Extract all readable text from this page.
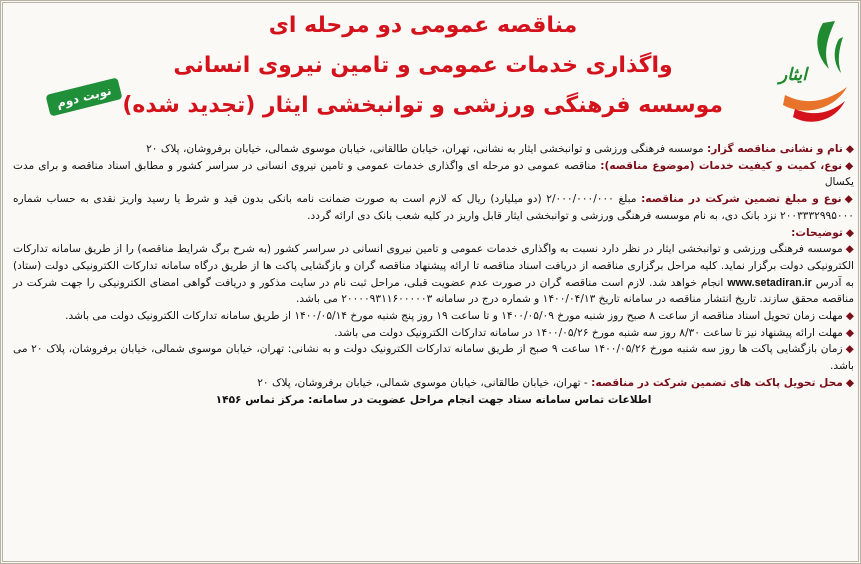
مناقصه عمومی دو مرحله ای
واگذاری خدمات عمومی و تامین نیروی انسانی
موسسه فرهنگی ورزشی و توانبخشی ایثار (تجدید شده)
نوبت دوم
ایثار

◆نام و نشانی مناقصه گزار: موسسه فرهنگی ورزشی و توانبخشی ایثار به نشانی، تهران، خیابان طالقانی، خیابان موسوی شمالی، خیابان برفروشان، پلاک ۲۰

◆نوع، کمیت و کیفیت خدمات (موضوع مناقصه): مناقصه عمومی دو مرحله ای واگذاری خدمات عمومی و تامین نیروی انسانی در سراسر کشور و مطابق اسناد مناقصه و برای مدت یکسال

◆نوع و مبلغ تضمین شرکت در مناقصه: مبلغ ۲/۰۰۰/۰۰۰/۰۰۰ (دو میلیارد) ریال که لازم است به صورت ضمانت نامه بانکی بدون قید و شرط یا رسید واریز نقدی به حساب شماره ۲۰۰۳۳۳۲۹۹۵۰۰۰ نزد بانک دی، به نام موسسه فرهنگی ورزشی و توانبخشی ایثار قابل واریز در کلیه شعب بانک دی ارائه گردد.

◆توضیحات:

◆موسسه فرهنگی ورزشی و توانبخشی ایثار در نظر دارد نسبت به واگذاری خدمات عمومی و تامین نیروی انسانی در سراسر کشور (به شرح برگ شرایط مناقصه) را از طریق سامانه تدارکات الکترونیکی دولت برگزار نماید. کلیه مراحل برگزاری مناقصه از دریافت اسناد مناقصه تا ارائه پیشنهاد مناقصه گران و بازگشایی پاکت ها از طریق درگاه سامانه تدارکات الکترونیکی دولت (ستاد) به آدرس www.setadiran.ir انجام خواهد شد. لازم است مناقصه گران در صورت عدم عضویت قبلی، مراحل ثبت نام در سایت مذکور و دریافت گواهی امضای الکترونیکی را جهت شرکت در مناقصه محقق سازند. تاریخ انتشار مناقصه در سامانه تاریخ ۱۴۰۰/۰۴/۱۳ و شماره درج در سامانه ۲۰۰۰۰۹۳۱۱۶۰۰۰۰۰۳ می باشد.

◆مهلت زمان تحویل اسناد مناقصه از ساعت ۸ صبح روز شنبه مورخ ۱۴۰۰/۰۵/۰۹ و تا ساعت ۱۹ روز پنج شنبه مورخ ۱۴۰۰/۰۵/۱۴ از طریق سامانه تدارکات الکترونیک دولت می باشد.

◆مهلت ارائه پیشنهاد نیز تا ساعت ۸/۳۰ روز سه شنبه مورخ ۱۴۰۰/۰۵/۲۶ در سامانه تدارکات الکترونیک دولت می باشد.

◆زمان بازگشایی پاکت ها روز سه شنبه مورخ ۱۴۰۰/۰۵/۲۶ ساعت ۹ صبح از طریق سامانه تدارکات الکترونیک دولت و به نشانی: تهران، خیابان موسوی شمالی، خیابان برفروشان، پلاک ۲۰ می باشد.

◆محل تحویل پاکت های تضمین شرکت در مناقصه: - تهران، خیابان طالقانی، خیابان موسوی شمالی، خیابان برفروشان، پلاک ۲۰

اطلاعات تماس سامانه ستاد جهت انجام مراحل عضویت در سامانه: مرکز تماس ۱۴۵۶
